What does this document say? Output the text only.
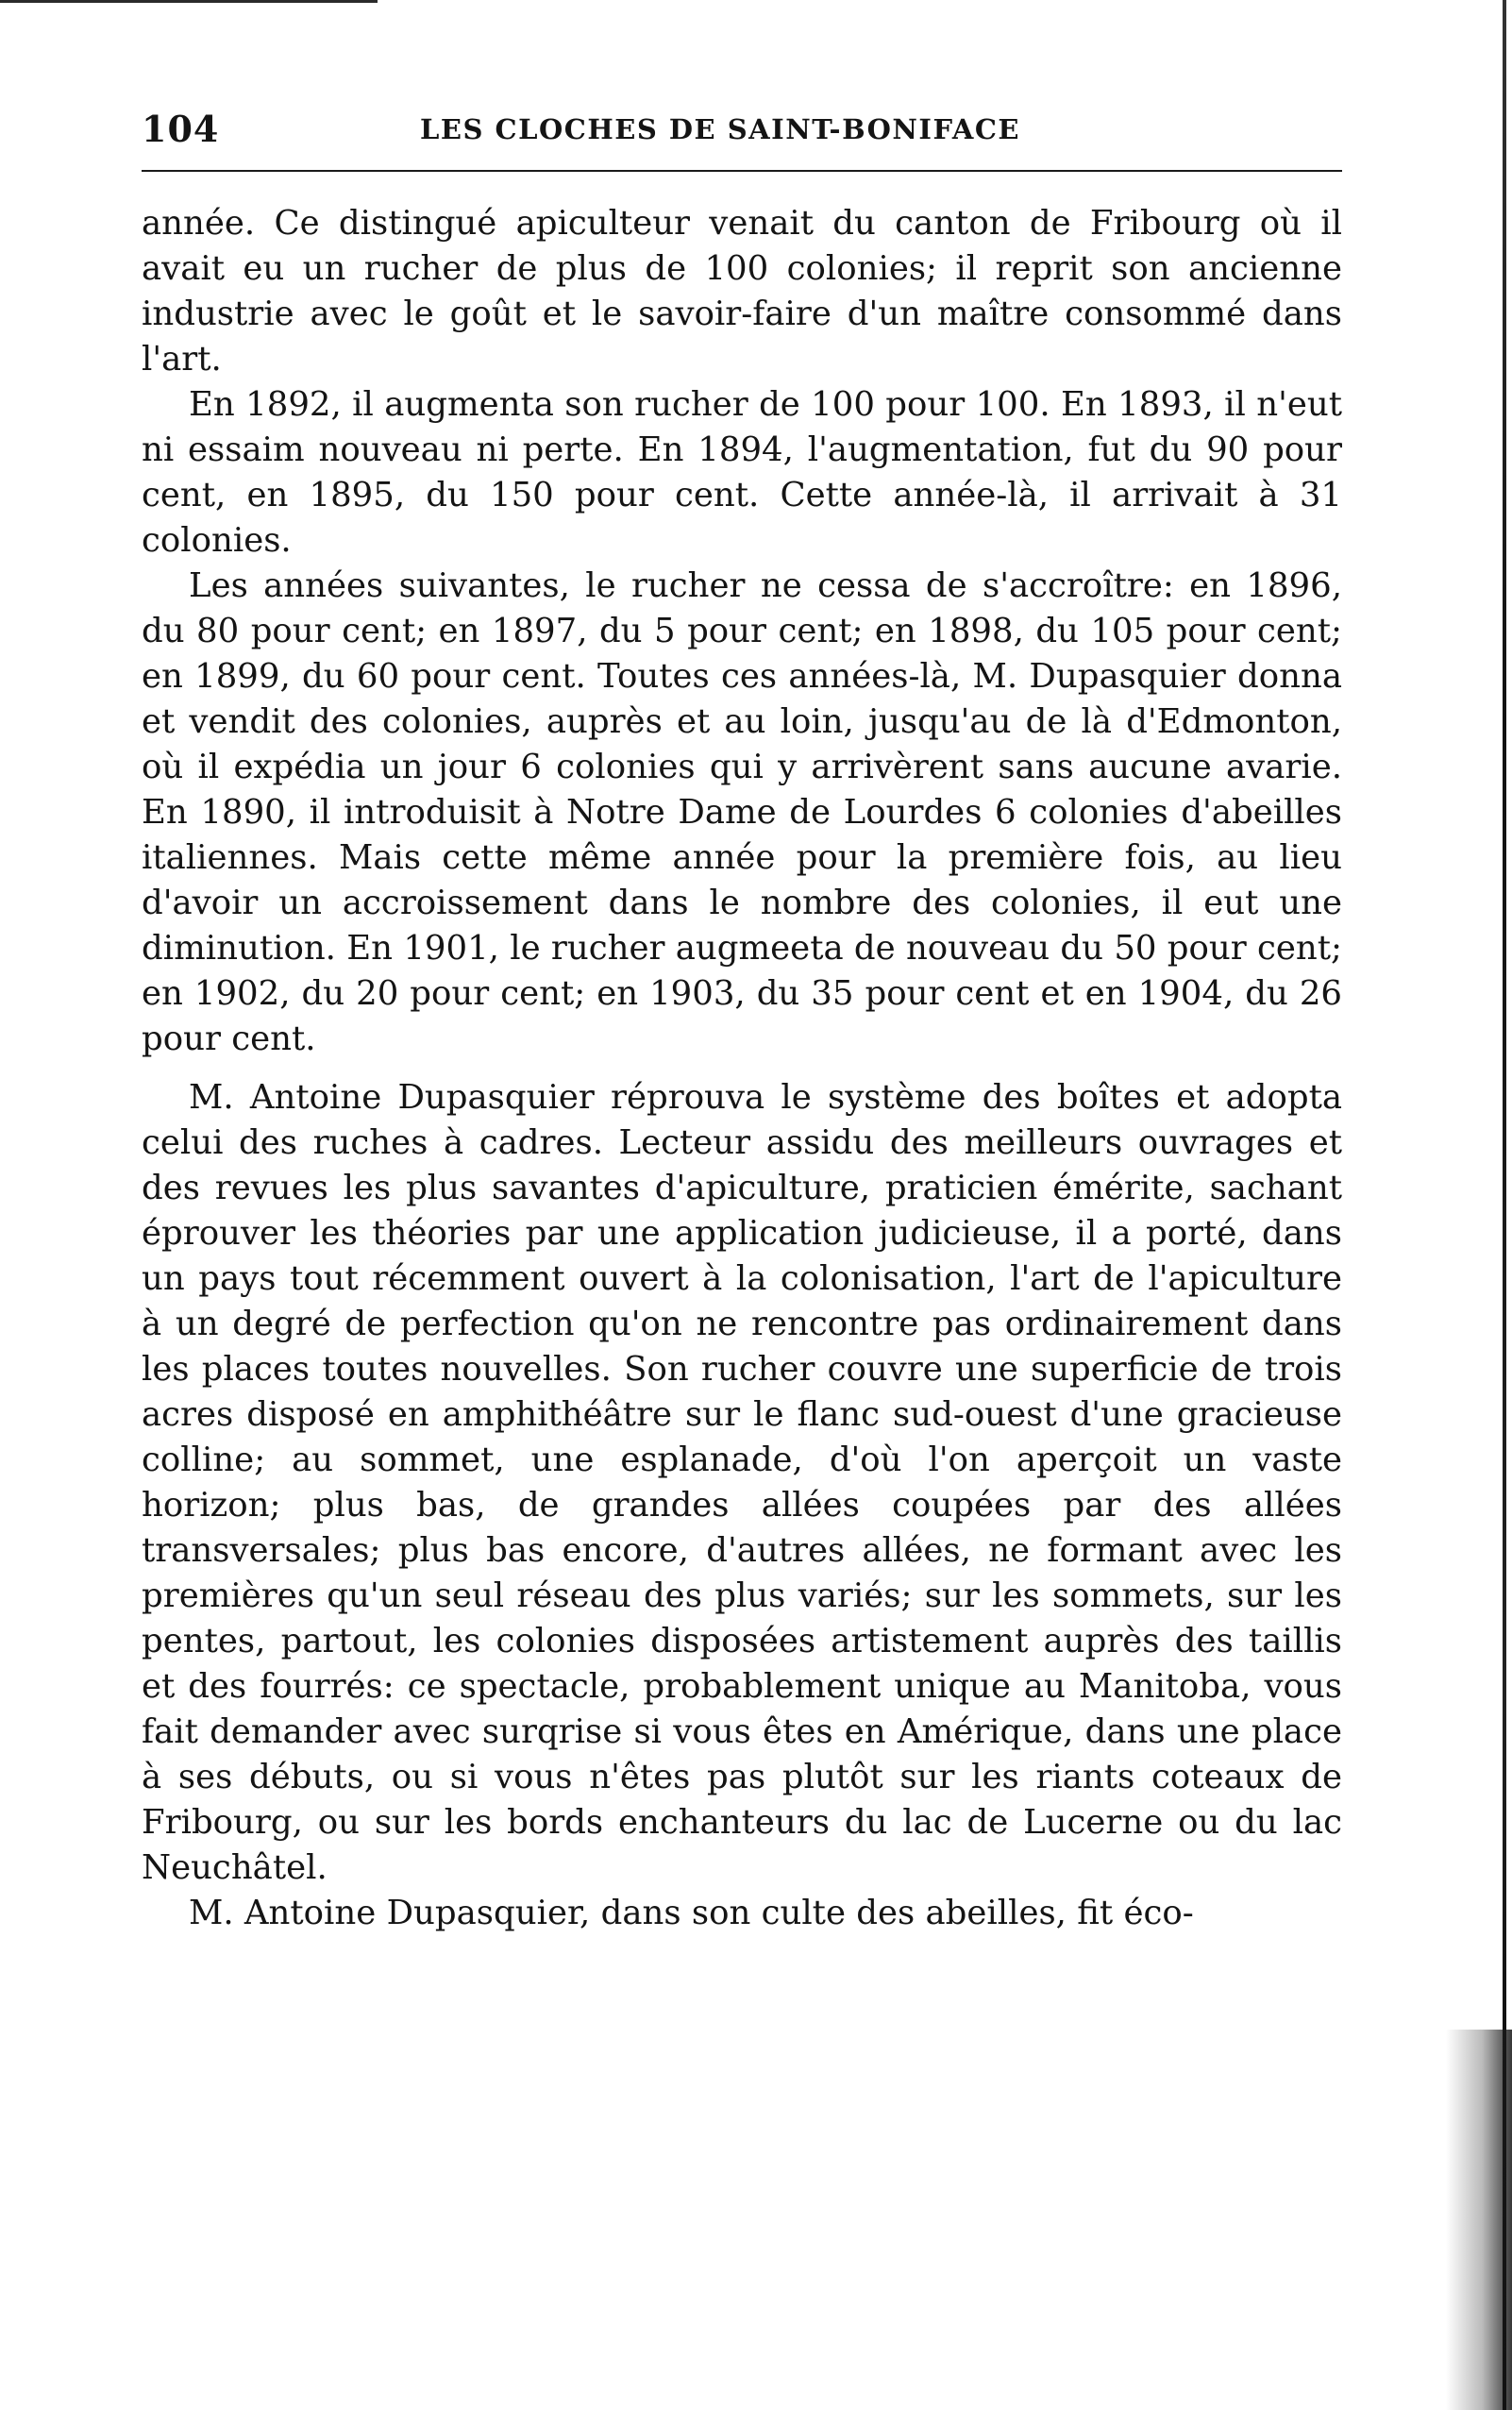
104	LES CLOCHES DE SAINT-BONIFACE

année. Ce distingué apiculteur venait du canton de Fribourg où il avait eu un rucher de plus de 100 colonies; il reprit son ancienne industrie avec le goût et le savoir-faire d'un maître consommé dans l'art.

En 1892, il augmenta son rucher de 100 pour 100. En 1893, il n'eut ni essaim nouveau ni perte. En 1894, l'augmentation, fut du 90 pour cent, en 1895, du 150 pour cent. Cette année-là, il arrivait à 31 colonies.

Les années suivantes, le rucher ne cessa de s'accroître: en 1896, du 80 pour cent; en 1897, du 5 pour cent; en 1898, du 105 pour cent; en 1899, du 60 pour cent. Toutes ces années-là, M. Dupasquier donna et vendit des colonies, auprès et au loin, jusqu'au de là d'Edmonton, où il expédia un jour 6 colonies qui y arrivèrent sans aucune avarie. En 1890, il introduisit à Notre Dame de Lourdes 6 colonies d'abeilles italiennes. Mais cette même année pour la première fois, au lieu d'avoir un accroissement dans le nombre des colonies, il eut une diminution. En 1901, le rucher augmeeta de nouveau du 50 pour cent; en 1902, du 20 pour cent; en 1903, du 35 pour cent et en 1904, du 26 pour cent.

M. Antoine Dupasquier réprouva le système des boîtes et adopta celui des ruches à cadres. Lecteur assidu des meilleurs ouvrages et des revues les plus savantes d'apiculture, praticien émérite, sachant éprouver les théories par une application judicieuse, il a porté, dans un pays tout récemment ouvert à la colonisation, l'art de l'apiculture à un degré de perfection qu'on ne rencontre pas ordinairement dans les places toutes nouvelles. Son rucher couvre une superficie de trois acres disposé en amphithéâtre sur le flanc sud-ouest d'une gracieuse colline; au sommet, une esplanade, d'où l'on aperçoit un vaste horizon; plus bas, de grandes allées coupées par des allées transversales; plus bas encore, d'autres allées, ne formant avec les premières qu'un seul réseau des plus variés; sur les sommets, sur les pentes, partout, les colonies disposées artistement auprès des taillis et des fourrés: ce spectacle, probablement unique au Manitoba, vous fait demander avec surqrise si vous êtes en Amérique, dans une place à ses débuts, ou si vous n'êtes pas plutôt sur les riants coteaux de Fribourg, ou sur les bords enchanteurs du lac de Lucerne ou du lac Neuchâtel.

M. Antoine Dupasquier, dans son culte des abeilles, fit éco-
